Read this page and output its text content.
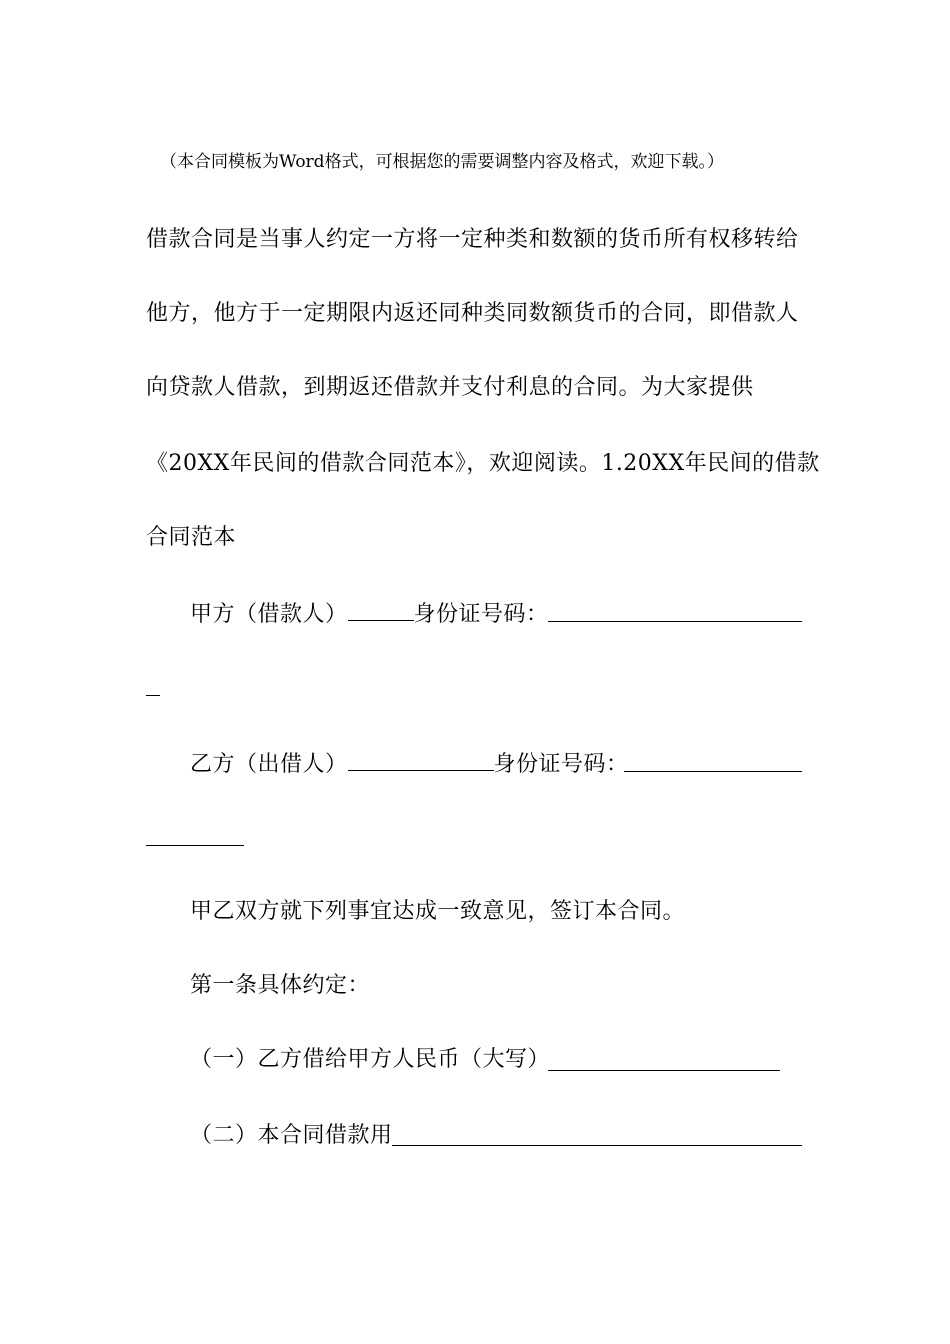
（本合同模板为Word格式，可根据您的需要调整内容及格式，欢迎下载。）
借款合同是当事人约定一方将一定种类和数额的货币所有权移转给
他方，他方于一定期限内返还同种类同数额货币的合同，即借款人
向贷款人借款，到期返还借款并支付利息的合同。为大家提供
《20XX年民间的借款合同范本》，欢迎阅读。1.20XX年民间的借款
合同范本
甲方（借款人）	身份证号码：
乙方（出借人）	身份证号码：
甲乙双方就下列事宜达成一致意见，签订本合同。
第一条具体约定：
（一）乙方借给甲方人民币（大写）
（二）本合同借款用
